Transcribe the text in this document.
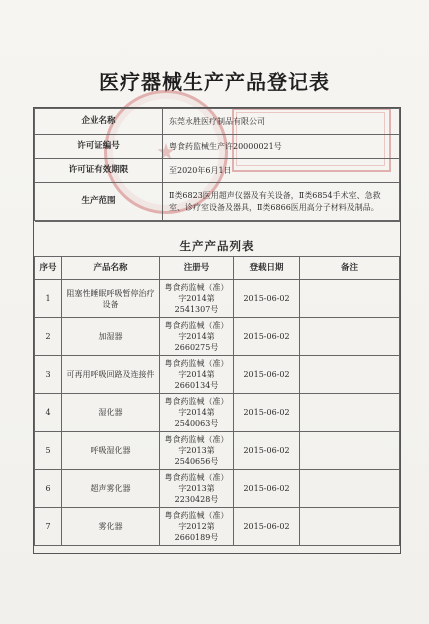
医疗器械生产产品登记表
企业名称	东莞永胜医疗制品有限公司
许可证编号	粤食药监械生产许20000021号
许可证有效期限	至2020年6月1日
生产范围	Ⅱ类6823医用超声仪器及有关设备，Ⅱ类6854手术室、急救室、诊疗室设备及器具，Ⅱ类6866医用高分子材料及制品。
生产产品列表				
序号	产品名称	注册号	登载日期	备注
1	阻塞性睡眠呼吸暂停治疗设备	粤食药监械（准）字2014第2541307号	2015-06-02	
2	加湿器	粤食药监械（准）字2014第2660275号	2015-06-02	
3	可再用呼吸回路及连接件	粤食药监械（准）字2014第2660134号	2015-06-02	
4	湿化器	粤食药监械（准）字2014第2540063号	2015-06-02	
5	呼吸湿化器	粤食药监械（准）字2013第2540656号	2015-06-02	
6	超声雾化器	粤食药监械（准）字2013第2230428号	2015-06-02	
7	雾化器	粤食药监械（准）字2012第2660189号	2015-06-02	
